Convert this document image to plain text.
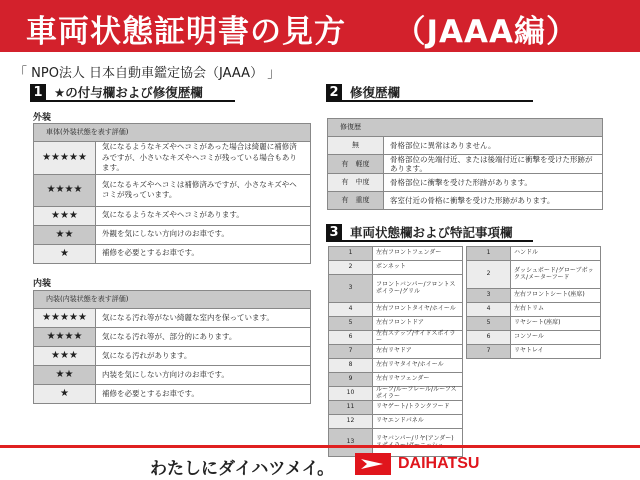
車両状態証明書の見方　　（JAAA編）
「 NPO法人 日本自動車鑑定協会（JAAA） 」
1 ★の付与欄および修復歴欄
外装
車体(外装状態を表す評価)	
★★★★★	気になるようなキズやヘコミがあった場合は綺麗に補修済みですが、小さいなキズやヘコミが残っている場合もあります。
★★★★	気になるキズやヘコミは補修済みですが、小さなキズやヘコミが残っています。
★★★	気になるようなキズやヘコミがあります。
★★	外観を気にしない方向けのお車です。
★	補修を必要とするお車です。
内装
内装(内装状態を表す評価)	
★★★★★	気になる汚れ等がない綺麗な室内を保っています。
★★★★	気になる汚れ等が、部分的にあります。
★★★	気になる汚れがあります。
★★	内装を気にしない方向けのお車です。
★	補修を必要とするお車です。
2 修復歴欄
修復歴	
無	骨格部位に異常はありません。
有　軽度	骨格部位の先端付近、または後端付近に衝撃を受けた形跡があります。
有　中度	骨格部位に衝撃を受けた形跡があります。
有　重度	客室付近の骨格に衝撃を受けた形跡があります。
3 車両状態欄および特記事項欄
1	左右フロントフェンダー
2	ボンネット
3	フロントバンパー/フロントスポイラー/グリル
4	左右フロントタイヤ/ホイール
5	左右フロントドア
6	左右ステップ/サイドスポイラー
7	左右リヤドア
8	左右リヤタイヤ/ホイール
9	左右リヤフェンダー
10	ルーフ/ルーフレール/ルーフスポイラー
11	リヤゲート/トランクフード
12	リヤエンドパネル
13	リヤバンパー/リヤ(アンダー)
1	ハンドル
2	ダッシュボード/グローブボックス/メーターフード
3	左右フロントシート(座席)
4	左右トリム
5	リヤシート(座席)
6	コンソール
7	リヤトレイ
わたしにダイハツメイ。	DAIHATSU
